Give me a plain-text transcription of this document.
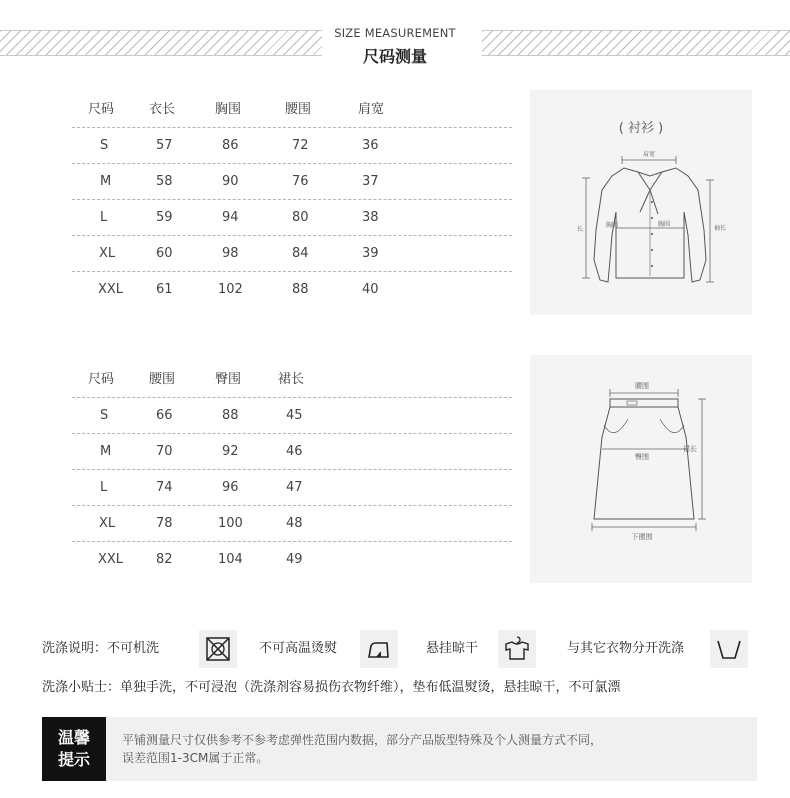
SIZE MEASUREMENT
尺码测量
尺码	衣长	胸围	腰围	肩宽
S	57	86	72	36
M	58	90	76	37
L	59	94	80	38
XL	60	98	84	39
XXL	61	102	88	40
( 衬衫 )
肩宽
胸围
胸围
长	袖长
尺码	腰围	臀围	裙长
S	66	88	45
M	70	92	46
L	74	96	47
XL	78	100	48
XXL	82	104	49
腰围
臀围
裙长
下摆围
洗涤说明：不可机洗	不可高温烫熨	悬挂晾干	与其它衣物分开洗涤
洗涤小贴士：单独手洗，不可浸泡（洗涤剂容易损伤衣物纤维），垫布低温熨烫，悬挂晾干，不可氯漂
温馨
提示
平铺测量尺寸仅供参考不参考虑弹性范围内数据，部分产品版型特殊及个人测量方式不同，
误差范围1-3CM属于正常。
